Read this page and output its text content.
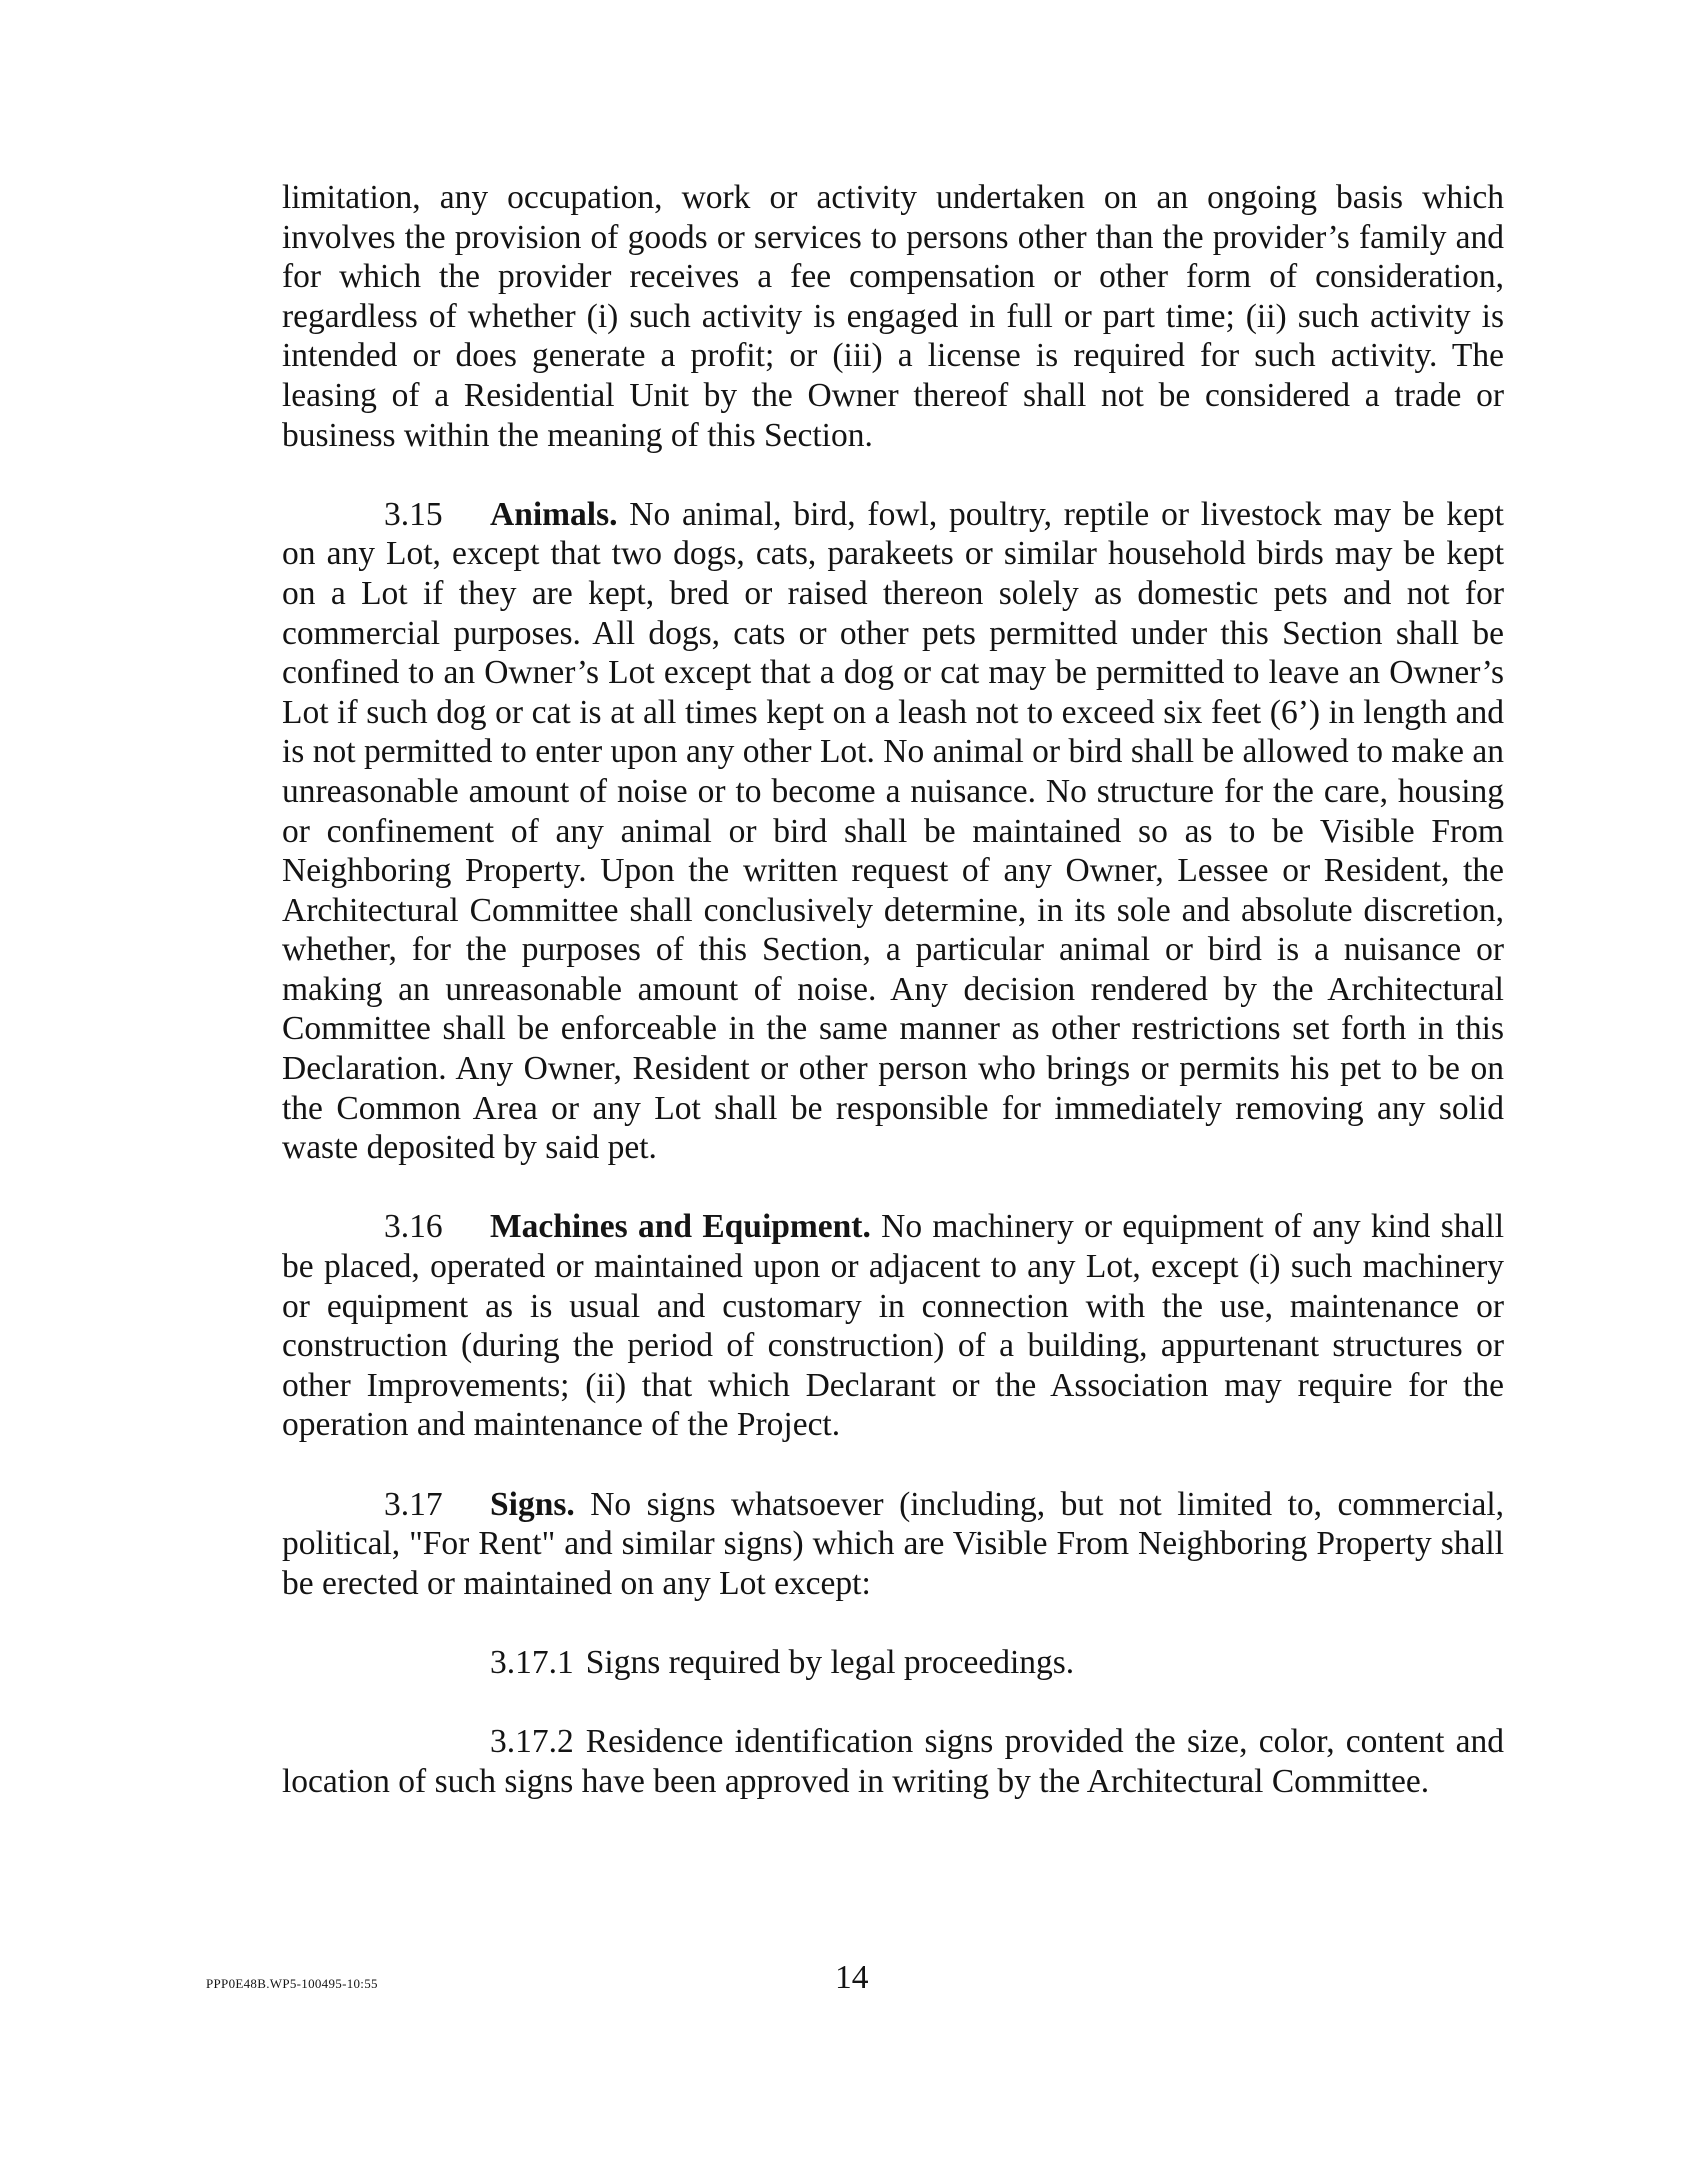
limitation, any occupation, work or activity undertaken on an ongoing basis which involves the provision of goods or services to persons other than the provider’s family and for which the provider receives a fee compensation or other form of consideration, regardless of whether (i) such activity is engaged in full or part time; (ii) such activity is intended or does generate a profit; or (iii) a license is required for such activity. The leasing of a Residential Unit by the Owner thereof shall not be considered a trade or business within the meaning of this Section.

3.15 Animals. No animal, bird, fowl, poultry, reptile or livestock may be kept on any Lot, except that two dogs, cats, parakeets or similar household birds may be kept on a Lot if they are kept, bred or raised thereon solely as domestic pets and not for commercial purposes. All dogs, cats or other pets permitted under this Section shall be confined to an Owner’s Lot except that a dog or cat may be permitted to leave an Owner’s Lot if such dog or cat is at all times kept on a leash not to exceed six feet (6’) in length and is not permitted to enter upon any other Lot. No animal or bird shall be allowed to make an unreasonable amount of noise or to become a nuisance. No structure for the care, housing or confinement of any animal or bird shall be maintained so as to be Visible From Neighboring Property. Upon the written request of any Owner, Lessee or Resident, the Architectural Committee shall conclusively determine, in its sole and absolute discretion, whether, for the purposes of this Section, a particular animal or bird is a nuisance or making an unreasonable amount of noise. Any decision rendered by the Architectural Committee shall be enforceable in the same manner as other restrictions set forth in this Declaration. Any Owner, Resident or other person who brings or permits his pet to be on the Common Area or any Lot shall be responsible for immediately removing any solid waste deposited by said pet.

3.16 Machines and Equipment. No machinery or equipment of any kind shall be placed, operated or maintained upon or adjacent to any Lot, except (i) such machinery or equipment as is usual and customary in connection with the use, maintenance or construction (during the period of construction) of a building, appurtenant structures or other Improvements; (ii) that which Declarant or the Association may require for the operation and maintenance of the Project.

3.17 Signs. No signs whatsoever (including, but not limited to, commercial, political, "For Rent" and similar signs) which are Visible From Neighboring Property shall be erected or maintained on any Lot except:

3.17.1 Signs required by legal proceedings.

3.17.2 Residence identification signs provided the size, color, content and location of such signs have been approved in writing by the Architectural Committee.

PPP0E48B.WP5-100495-10:55	14
